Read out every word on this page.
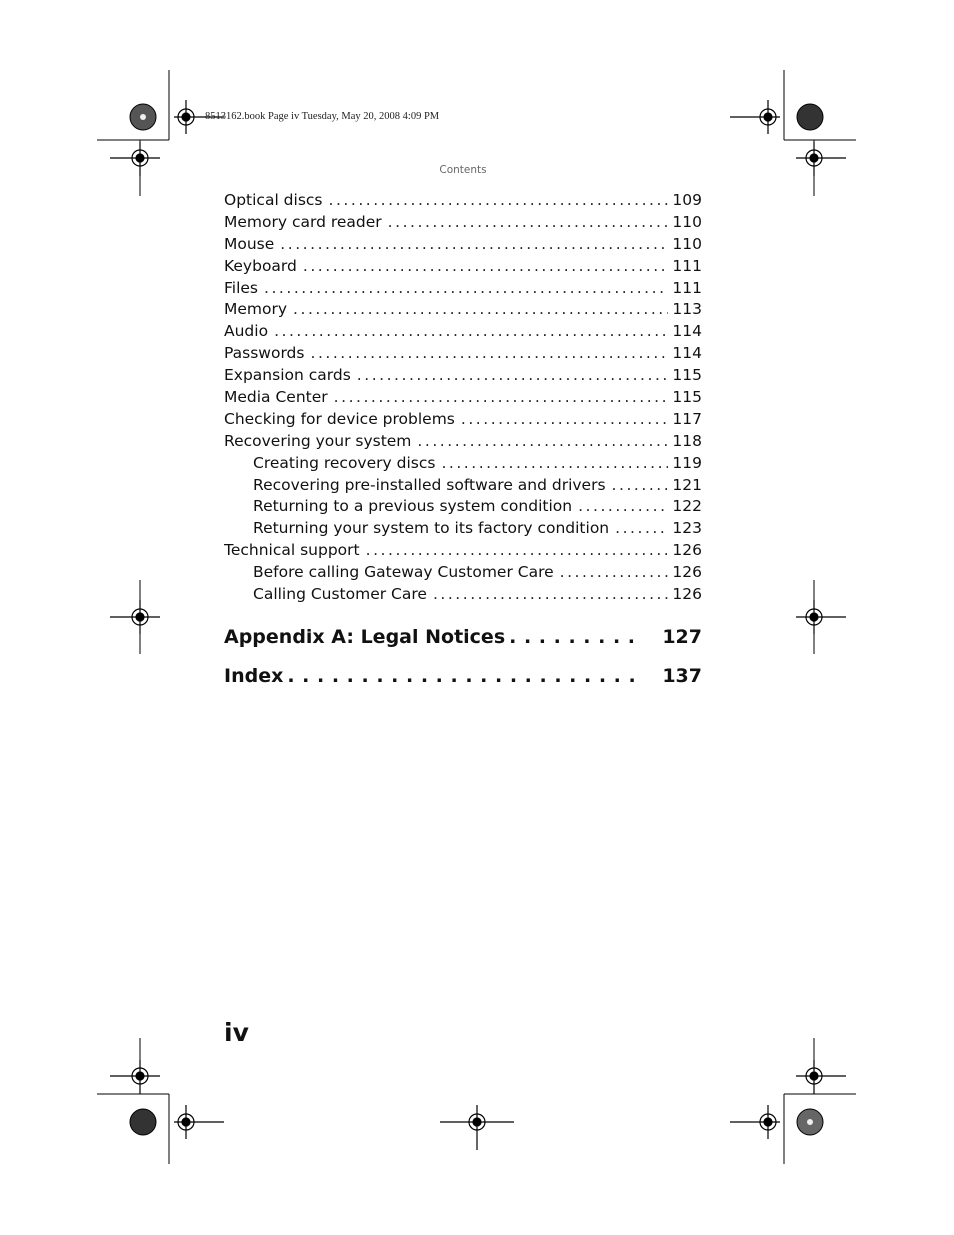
8513162.book Page iv Tuesday, May 20, 2008 4:09 PM
Contents
Optical discs . . .	109
Memory card reader . . .	110
Mouse . . .	110
Keyboard . . .	111
Files . . .	111
Memory . . .	113
Audio . . .	114
Passwords . . .	114
Expansion cards . . .	115
Media Center . . .	115
Checking for device problems . . .	117
Recovering your system . . .	118
Creating recovery discs . . .	119
Recovering pre-installed software and drivers . . .	121
Returning to a previous system condition . . .	122
Returning your system to its factory condition . . .	123
Technical support . . .	126
Before calling Gateway Customer Care . . .	126
Calling Customer Care . . .	126
Appendix A: Legal Notices . . .	127
Index . . .	137
iv
